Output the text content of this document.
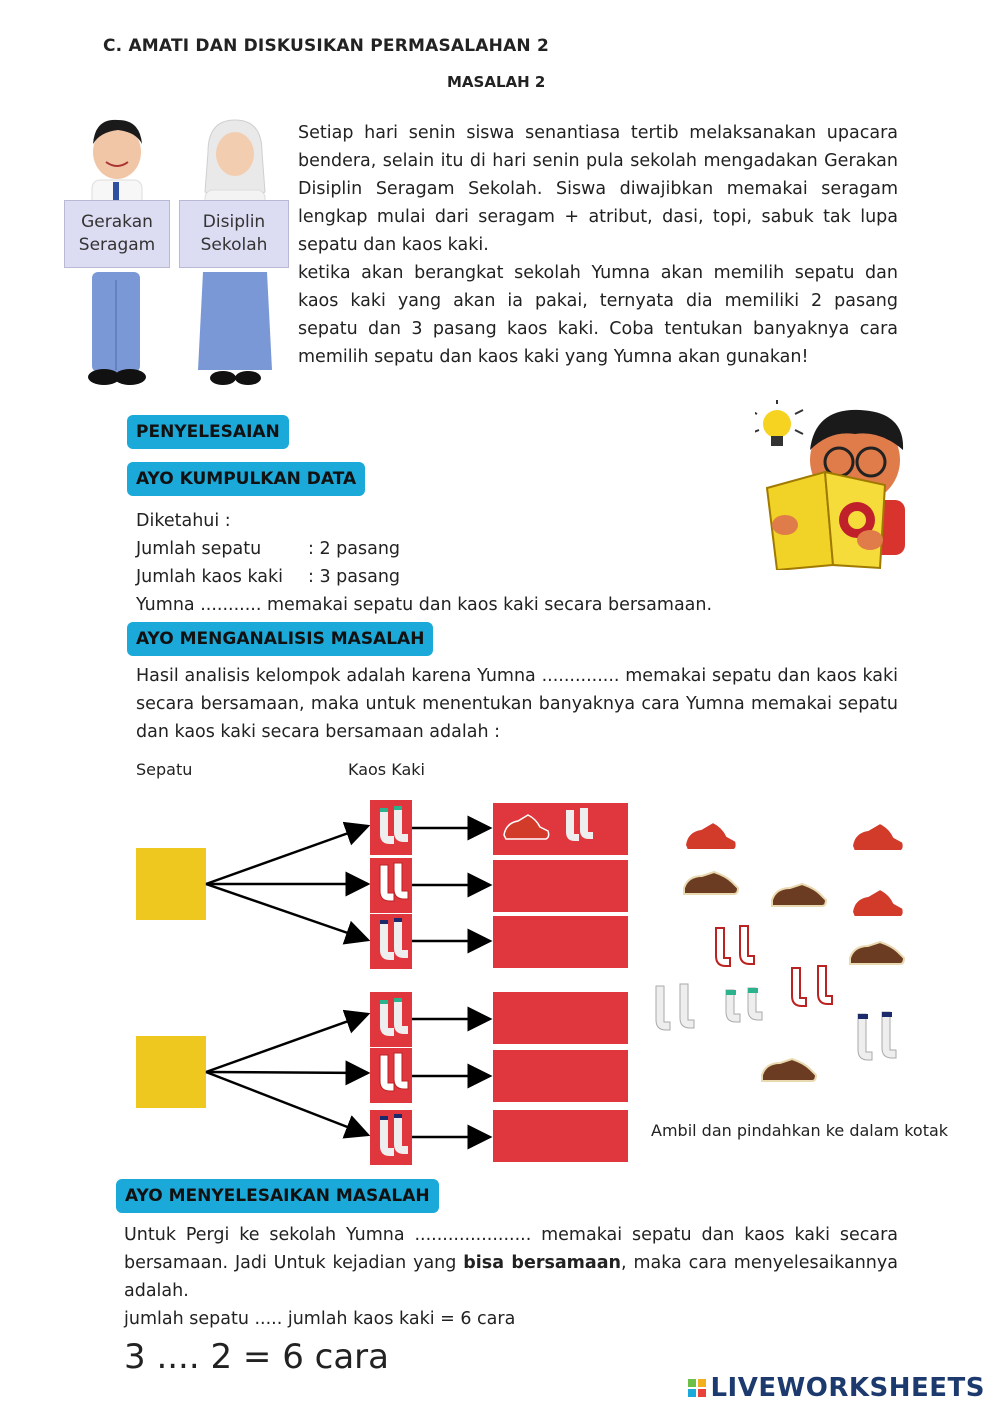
C. AMATI DAN DISKUSIKAN PERMASALAHAN 2
MASALAH 2
Gerakan
Seragam
Disiplin
Sekolah

Setiap hari senin siswa senantiasa tertib melaksanakan upacara bendera, selain itu di hari senin pula sekolah mengadakan Gerakan Disiplin Seragam Sekolah. Siswa diwajibkan memakai seragam lengkap mulai dari seragam + atribut, dasi, topi, sabuk tak lupa sepatu dan kaos kaki.

ketika akan berangkat sekolah Yumna akan memilih sepatu dan kaos kaki yang akan ia pakai, ternyata dia memiliki 2 pasang sepatu dan 3 pasang kaos kaki. Coba tentukan banyaknya cara memilih sepatu dan kaos kaki yang Yumna akan gunakan!

PENYELESAIAN
AYO KUMPULKAN DATA
Diketahui :
Jumlah sepatu	: 2 pasang
Jumlah kaos kaki : 3 pasang
Yumna ........... memakai sepatu dan kaos kaki secara bersamaan.
AYO MENGANALISIS MASALAH
Hasil analisis kelompok adalah karena Yumna .............. memakai sepatu dan kaos kaki secara bersamaan, maka untuk menentukan banyaknya cara Yumna memakai sepatu dan kaos kaki secara bersamaan adalah :
Sepatu	Kaos Kaki
Ambil dan pindahkan ke dalam kotak
AYO MENYELESAIKAN MASALAH
Untuk Pergi ke sekolah Yumna ..................... memakai sepatu dan kaos kaki secara bersamaan. Jadi Untuk kejadian yang bisa bersamaan, maka cara menyelesaikannya adalah.
jumlah sepatu ..... jumlah kaos kaki = 6 cara
3 .... 2 = 6 cara
LIVEWORKSHEETS
